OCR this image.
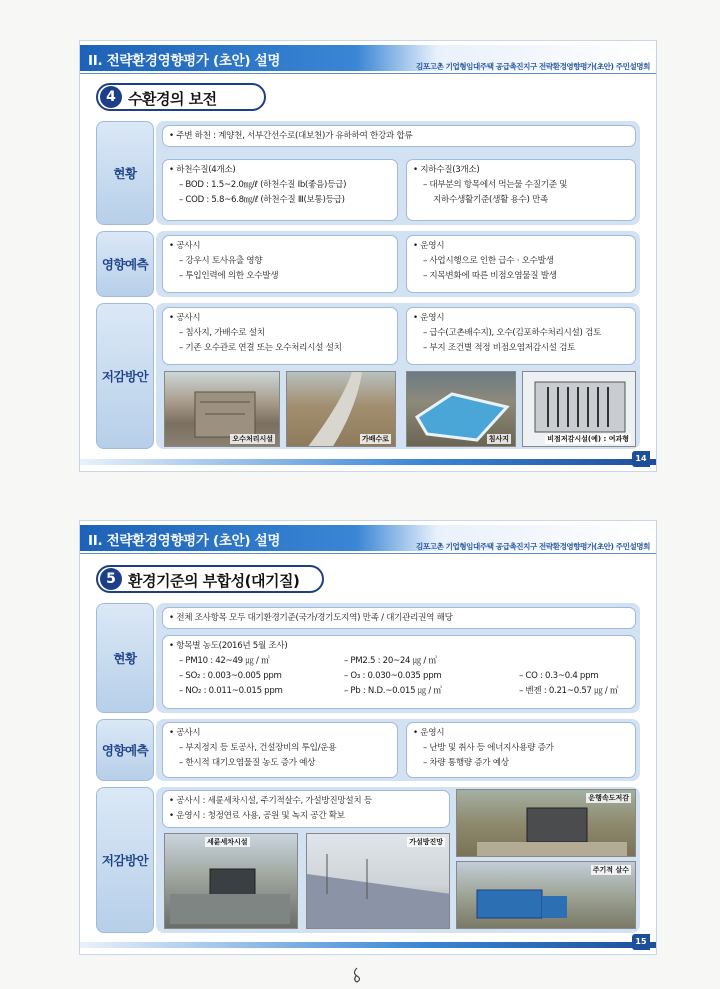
II. 전략환경영향평가 (초안) 설명	김포고촌 기업형임대주택 공급촉진지구 전략환경영향평가(초안) 주민설명회
4 수환경의 보전
현황
• 주변 하천 : 계양천, 서부간선수로(대보천)가 유하하여 한강과 합류
• 하천수질(4개소)
– BOD : 1.5~2.0㎎/ℓ (하천수질 Ⅰb(좋음)등급)
– COD : 5.8~6.8㎎/ℓ (하천수질 Ⅲ(보통)등급)
• 지하수질(3개소)
– 대부분의 항목에서 먹는물 수질기준 및
지하수생활기준(생활 용수) 만족
영향예측
• 공사시
– 강우시 토사유출 영향
– 투입인력에 의한 오수발생
• 운영시
– 사업시행으로 인한 급수 · 오수발생
– 지목변화에 따른 비점오염물질 발생
저감방안
• 공사시
– 침사지, 가배수로 설치
– 기존 오수관로 연결 또는 오수처리시설 설치
• 운영시
– 급수(고촌배수지), 오수(김포하수처리시설) 검토
– 부지 조건별 적정 비점오염저감시설 검토
오수처리시설	가배수로	침사지	비점저감시설(예) : 여과형
14
II. 전략환경영향평가 (초안) 설명	김포고촌 기업형임대주택 공급촉진지구 전략환경영향평가(초안) 주민설명회
5 환경기준의 부합성(대기질)
현황
• 전체 조사항목 모두 대기환경기준(국가/경기도지역) 만족 / 대기관리권역 해당
• 항목별 농도(2016년 5월 조사)
– PM10 : 42~49 ㎍ / ㎥	– PM2.5 : 20~24 ㎍ / ㎥
– SO₂ : 0.003~0.005 ppm	– O₃ : 0.030~0.035 ppm	– CO : 0.3~0.4 ppm
– NO₂ : 0.011~0.015 ppm	– Pb : N.D.~0.015 ㎍ / ㎥	– 벤젠 : 0.21~0.57 ㎍ / ㎥
영향예측
• 공사시
– 부지정지 등 토공사, 건설장비의 투입/운용
– 한시적 대기오염물질 농도 증가 예상
• 운영시
– 난방 및 취사 등 에너지사용량 증가
– 차량 통행량 증가 예상
저감방안
• 공사시 : 세륜세차시설, 주기적살수, 가설방진망설치 등
• 운영시 : 청정연료 사용, 공원 및 녹지 공간 확보
세륜세차시설	가설방진망
운행속도저감
주기적 살수
15
